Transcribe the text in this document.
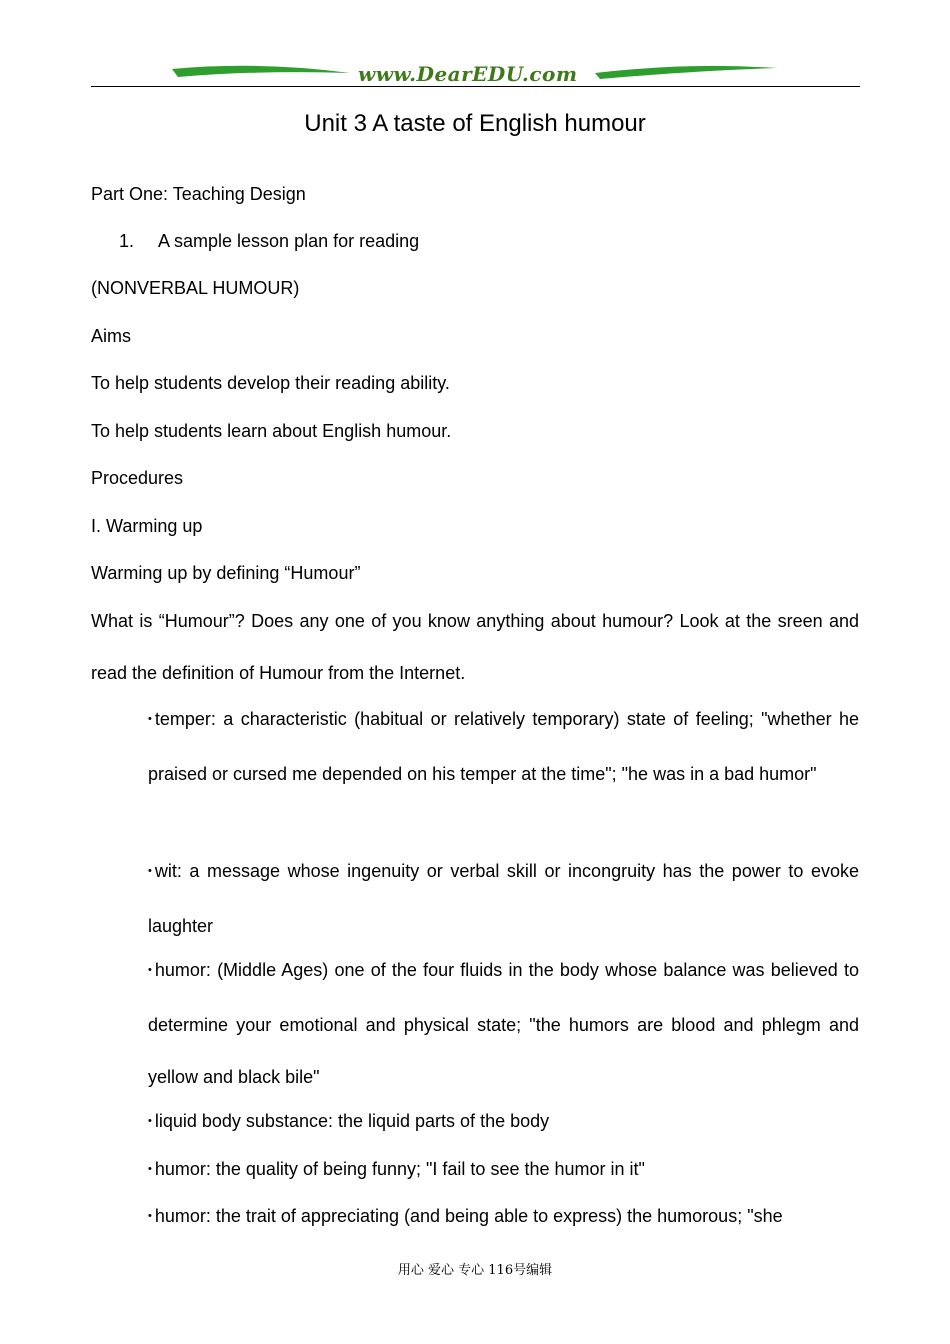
www.DearEDU.com
Unit 3 A taste of English humour
Part One: Teaching Design
1. A sample lesson plan for reading
(NONVERBAL HUMOUR)
Aims
To help students develop their reading ability.
To help students learn about English humour.
Procedures
I. Warming up
Warming up by defining “Humour”
What is “Humour”? Does any one of you know anything about humour? Look at the sreen and read the definition of Humour from the Internet.
• temper: a characteristic (habitual or relatively temporary) state of feeling; "whether he praised or cursed me depended on his temper at the time"; "he was in a bad humor"
• wit: a message whose ingenuity or verbal skill or incongruity has the power to evoke laughter
• humor: (Middle Ages) one of the four fluids in the body whose balance was believed to determine your emotional and physical state; "the humors are blood and phlegm and yellow and black bile"
• liquid body substance: the liquid parts of the body
• humor: the quality of being funny; "I fail to see the humor in it"
• humor: the trait of appreciating (and being able to express) the humorous; "she
用心 爱心 专心 116号编辑
